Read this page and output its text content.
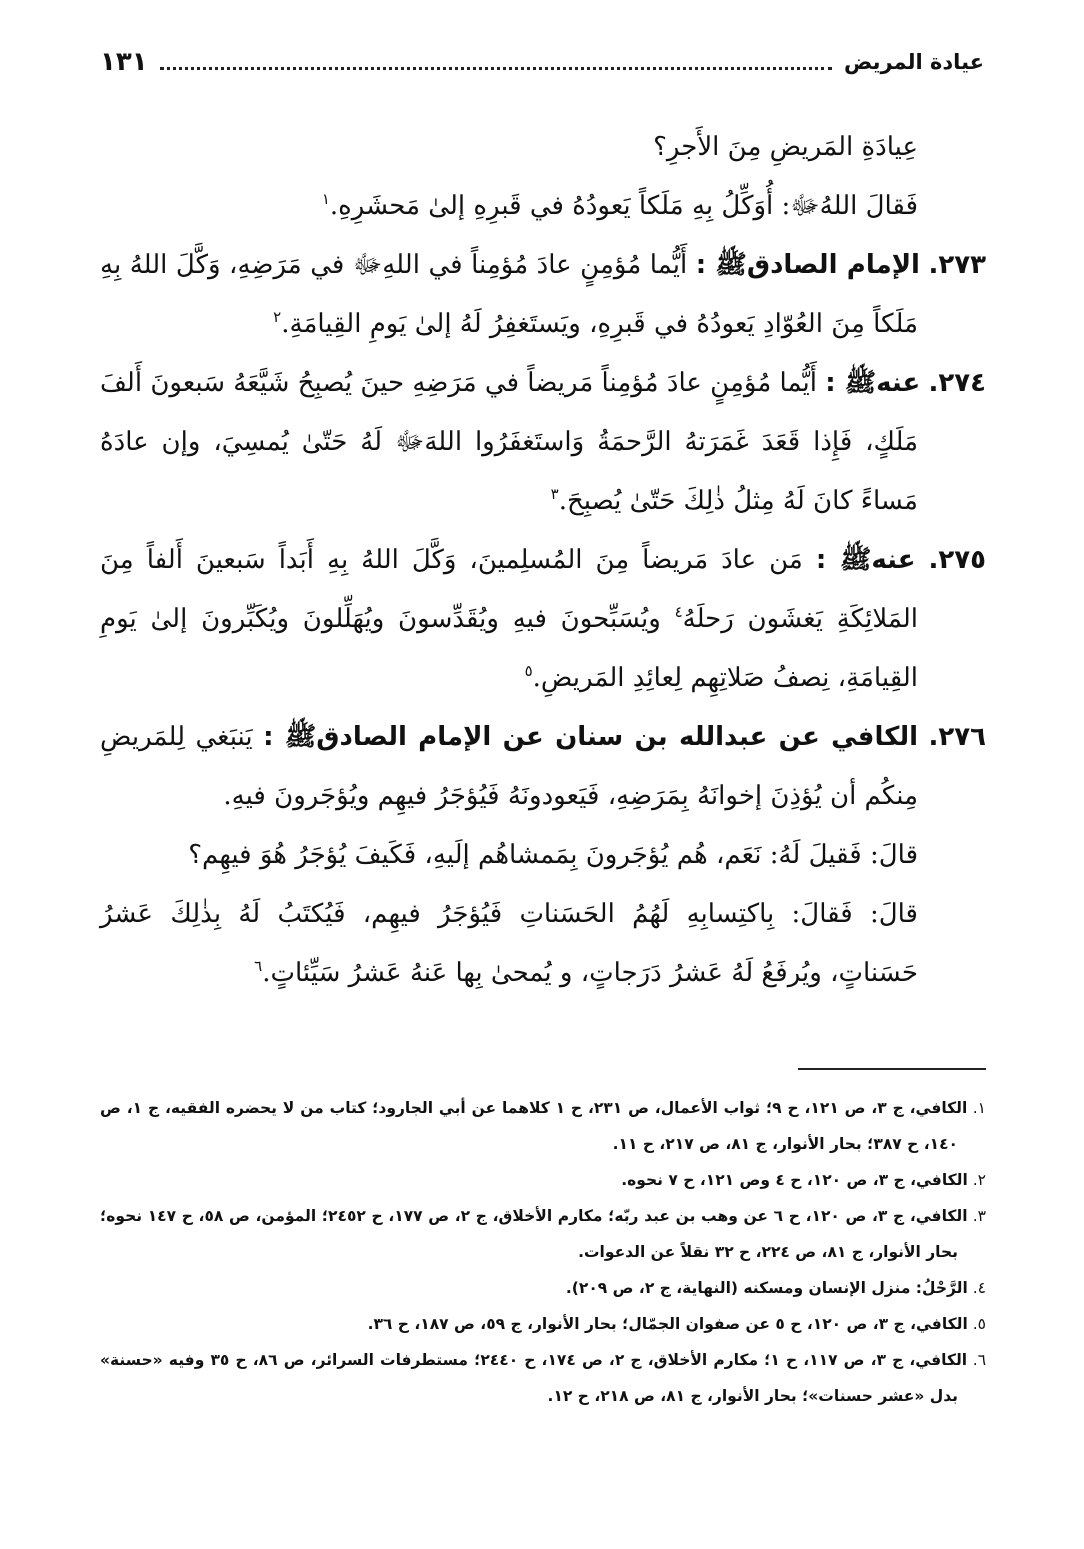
عيادة المريض
١٣١

عِيادَةِ المَريضِ مِنَ الأَجرِ؟

فَقالَ اللهُﷻ: أُوَكِّلُ بِهِ مَلَكاً يَعودُهُ في قَبرِهِ إلىٰ مَحشَرِهِ.$^١$

٢٧٣. الإمام الصادقﷺ : أَيُّما مُؤمِنٍ عادَ مُؤمِناً في اللهِﷻ في مَرَضِهِ، وَكَّلَ اللهُ بِهِ مَلَكاً مِنَ العُوّادِ يَعودُهُ في قَبرِهِ، ويَستَغفِرُ لَهُ إلىٰ يَومِ القِيامَةِ.$^٢$

٢٧٤. عنهﷺ : أَيُّما مُؤمِنٍ عادَ مُؤمِناً مَريضاً في مَرَضِهِ حينَ يُصبِحُ شَيَّعَهُ سَبعونَ أَلفَ مَلَكٍ، فَإِذا قَعَدَ غَمَرَتهُ الرَّحمَةُ وَاستَغفَرُوا اللهَﷻ لَهُ حَتّىٰ يُمسِيَ، وإن عادَهُ مَساءً كانَ لَهُ مِثلُ ذٰلِكَ حَتّىٰ يُصبِحَ.$^٣$

٢٧٥. عنهﷺ : مَن عادَ مَريضاً مِنَ المُسلِمينَ، وَكَّلَ اللهُ بِهِ أَبَداً سَبعينَ أَلفاً مِنَ المَلائِكَةِ يَغشَون رَحلَهُ$^٤$ ويُسَبِّحونَ فيهِ ويُقَدِّسونَ ويُهَلِّلونَ ويُكَبِّرونَ إلىٰ يَومِ القِيامَةِ، نِصفُ صَلاتِهِم لِعائِدِ المَريضِ.$^٥$

٢٧٦. الكافي عن عبدالله بن سنان عن الإمام الصادقﷺ : يَنبَغي لِلمَريضِ مِنكُم أن يُؤذِنَ إخوانَهُ بِمَرَضِهِ، فَيَعودونَهُ فَيُؤجَرُ فيهِم ويُؤجَرونَ فيهِ.

قالَ: فَقيلَ لَهُ: نَعَم، هُم يُؤجَرونَ بِمَمشاهُم إلَيهِ، فَكَيفَ يُؤجَرُ هُوَ فيهِم؟

قالَ: فَقالَ: بِاكتِسابِهِ لَهُمُ الحَسَناتِ فَيُؤجَرُ فيهِم، فَيُكتَبُ لَهُ بِذٰلِكَ عَشرُ حَسَناتٍ، ويُرفَعُ لَهُ عَشرُ دَرَجاتٍ، و يُمحىٰ بِها عَنهُ عَشرُ سَيِّئاتٍ.$^٦$

١. الكافي، ج ٣، ص ١٢١، ح ٩؛ ثواب الأعمال، ص ٢٣١، ح ١ كلاهما عن أبي الجارود؛ كتاب من لا يحضره الفقيه، ج ١، ص ١٤٠، ح ٣٨٧؛ بحار الأنوار، ج ٨١، ص ٢١٧، ح ١١.

٢. الكافي، ج ٣، ص ١٢٠، ح ٤ وص ١٢١، ح ٧ نحوه.

٣. الكافي، ج ٣، ص ١٢٠، ح ٦ عن وهب بن عبد ربّه؛ مكارم الأخلاق، ج ٢، ص ١٧٧، ح ٢٤٥٢؛ المؤمن، ص ٥٨، ح ١٤٧ نحوه؛ بحار الأنوار، ج ٨١، ص ٢٢٤، ح ٣٢ نقلاً عن الدعوات.

٤. الرَّحْلُ: منزل الإنسان ومسكنه (النهاية، ج ٢، ص ٢٠٩).

٥. الكافي، ج ٣، ص ١٢٠، ح ٥ عن صفوان الجمّال؛ بحار الأنوار، ج ٥٩، ص ١٨٧، ح ٣٦.

٦. الكافي، ج ٣، ص ١١٧، ح ١؛ مكارم الأخلاق، ج ٢، ص ١٧٤، ح ٢٤٤٠؛ مستطرفات السرائر، ص ٨٦، ح ٣٥ وفيه «حسنة» بدل «عشر حسنات»؛ بحار الأنوار، ج ٨١، ص ٢١٨، ح ١٢.
